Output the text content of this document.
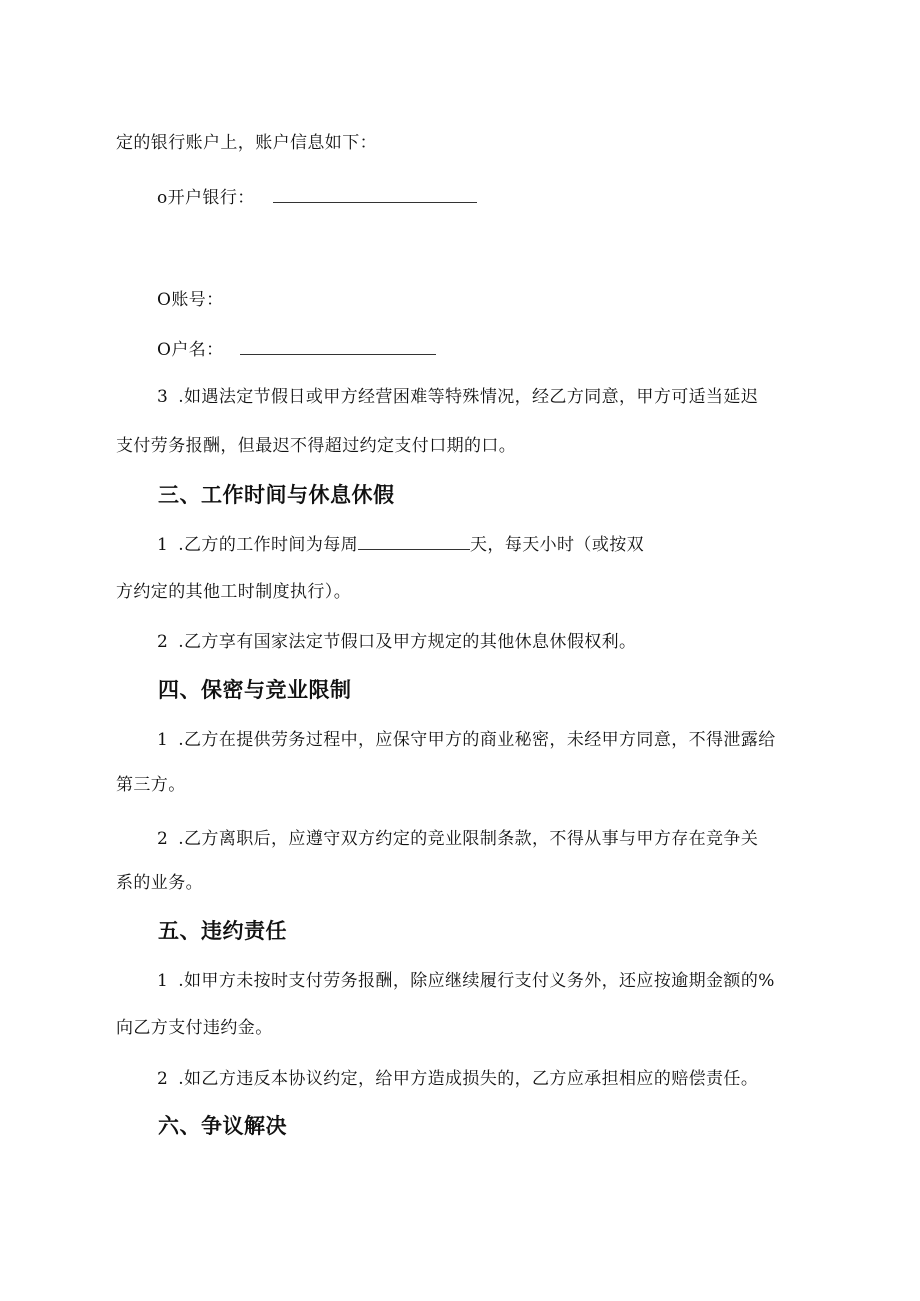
定的银行账户上，账户信息如下：
o开户银行：
O账号：
O户名：
3 .如遇法定节假日或甲方经营困难等特殊情况，经乙方同意，甲方可适当延迟
支付劳务报酬，但最迟不得超过约定支付口期的口。
三、工作时间与休息休假
1 .乙方的工作时间为每周	天，每天小时（或按双
方约定的其他工时制度执行）。
2 .乙方享有国家法定节假口及甲方规定的其他休息休假权利。
四、保密与竞业限制
1 .乙方在提供劳务过程中，应保守甲方的商业秘密，未经甲方同意，不得泄露给
第三方。
2 .乙方离职后，应遵守双方约定的竞业限制条款，不得从事与甲方存在竞争关
系的业务。
五、违约责任
1 .如甲方未按时支付劳务报酬，除应继续履行支付义务外，还应按逾期金额的%
向乙方支付违约金。
2 .如乙方违反本协议约定，给甲方造成损失的，乙方应承担相应的赔偿责任。
六、争议解决
